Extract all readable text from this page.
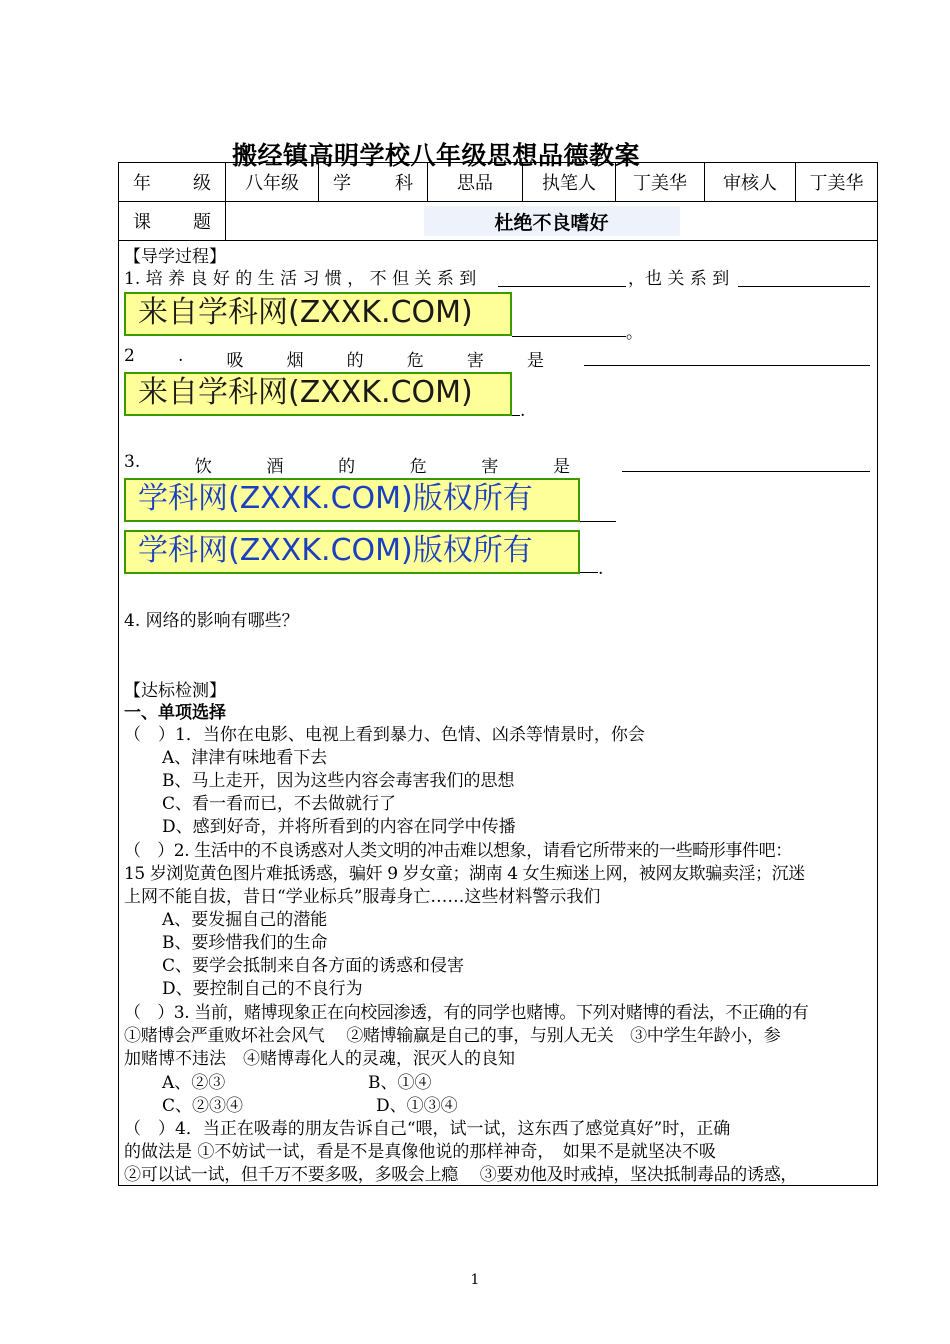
搬经镇高明学校八年级思想品德教案
年 级	八年级	学 科	思品	执笔人	丁美华	审核人	丁美华

课 题	杜绝不良嗜好						
【导学过程】
1. 培 养 良 好 的 生 活 习 惯 ， 不 但 关 系 到	，也 关 系 到
来自学科网(ZXXK.COM)
。
2	.	吸	烟	的	危	害	是
来自学科网(ZXXK.COM)
.
3.	饮	酒	的	危	害	是
学科网(ZXXK.COM)版权所有
学科网(ZXXK.COM)版权所有
.
4. 网络的影响有哪些？
【达标检测】
一、单项选择
（　）1．当你在电影、电视上看到暴力、色情、凶杀等情景时，你会
A、津津有味地看下去
B、马上走开，因为这些内容会毒害我们的思想
C、看一看而已，不去做就行了
D、感到好奇，并将所看到的内容在同学中传播
（　）2. 生活中的不良诱惑对人类文明的冲击难以想象，请看它所带来的一些畸形事件吧：
15 岁浏览黄色图片难抵诱惑，骗奸 9 岁女童；湖南 4 女生痴迷上网，被网友欺骗卖淫；沉迷
上网不能自拔，昔日“学业标兵”服毒身亡……这些材料警示我们
A、要发掘自己的潜能
B、要珍惜我们的生命
C、要学会抵制来自各方面的诱惑和侵害
D、要控制自己的不良行为
（　）3. 当前，赌博现象正在向校园渗透，有的同学也赌博。下列对赌博的看法，不正确的有
①赌博会严重败坏社会风气　 ②赌博输赢是自己的事，与别人无关　③中学生年龄小，参
加赌博不违法　④赌博毒化人的灵魂，泯灭人的良知
A、②③	B、①④
C、②③④	D、①③④
（　）4．当正在吸毒的朋友告诉自己“喂，试一试，这东西了感觉真好”时，正确
的做法是 ①不妨试一试，看是不是真像他说的那样神奇，　如果不是就坚决不吸
②可以试一试，但千万不要多吸，多吸会上瘾　 ③要劝他及时戒掉，坚决抵制毒品的诱惑，
1
